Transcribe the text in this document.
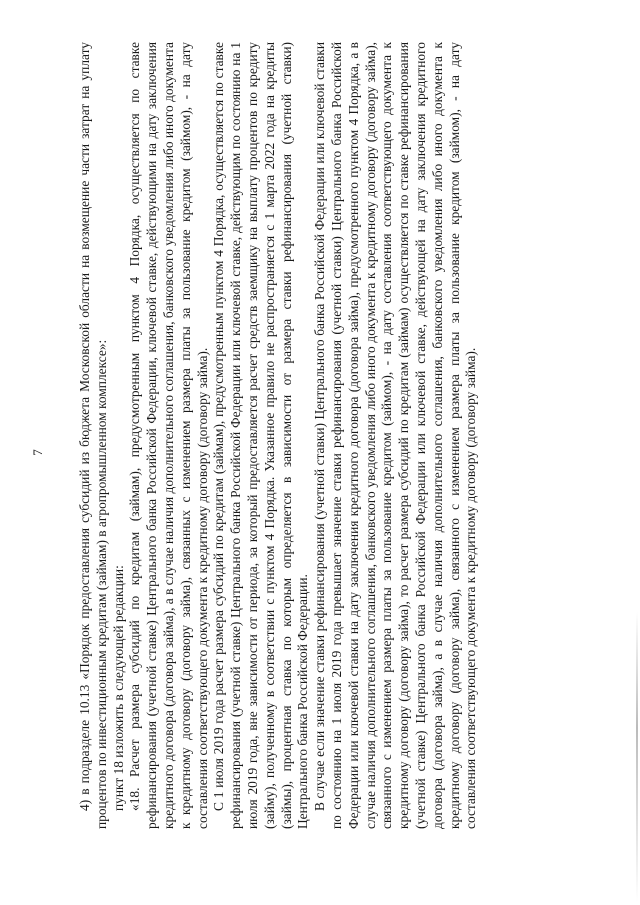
7 4) в подразделе 10.13 «Порядок предоставления субсидий из бюджета Московской области на возмещение части затрат на уплату процентов по инвестиционным кредитам (займам) в агропромышленном комплексе»: пункт 18 изложить в следующей редакции: «18. Расчет размера субсидий по кредитам (займам), предусмотренным пунктом 4 Порядка, осуществляется по ставке рефинансирования (учетной ставке) Центрального банка Российской Федерации, ключевой ставке, действующими на дату заключения кредитного договора (договора займа), а в случае наличия дополнительного соглашения, банковского уведомления либо иного документа к кредитному договору (договору займа), связанных с изменением размера платы за пользование кредитом (займом), - на дату составления соответствующего документа к кредитному договору (договору займа). С 1 июля 2019 года расчет размера субсидий по кредитам (займам), предусмотренным пунктом 4 Порядка, осуществляется по ставке рефинансирования (учетной ставке) Центрального банка Российской Федерации или ключевой ставке, действующим по состоянию на 1 июля 2019 года, вне зависимости от периода, за который предоставляется расчет средств заемщику на выплату процентов по кредиту (займу), полученному в соответствии с пунктом 4 Порядка. Указанное правило не распространяется с 1 марта 2022 года на кредиты (займы), процентная ставка по которым определяется в зависимости от размера ставки рефинансирования (учетной ставки) Центрального банка Российской Федерации. В случае если значение ставки рефинансирования (учетной ставки) Центрального банка Российской Федерации или ключевой ставки по состоянию на 1 июля 2019 года превышает значение ставки рефинансирования (учетной ставки) Центрального банка Российской Федерации или ключевой ставки на дату заключения кредитного договора (договора займа), предусмотренного пунктом 4 Порядка, а в случае наличия дополнительного соглашения, банковского уведомления либо иного документа к кредитному договору (договору займа), связанного с изменением размера платы за пользование кредитом (займом), - на дату составления соответствующего документа к кредитному договору (договору займа), то расчет размера субсидий по кредитам (займам) осуществляется по ставке рефинансирования (учетной ставке) Центрального банка Российской Федерации или ключевой ставке, действующей на дату заключения кредитного договора (договора займа), а в случае наличия дополнительного соглашения, банковского уведомления либо иного документа к кредитному договору (договору займа), связанного с изменением размера платы за пользование кредитом (займом), - на дату составления соответствующего документа к кредитному договору (договору займа).
